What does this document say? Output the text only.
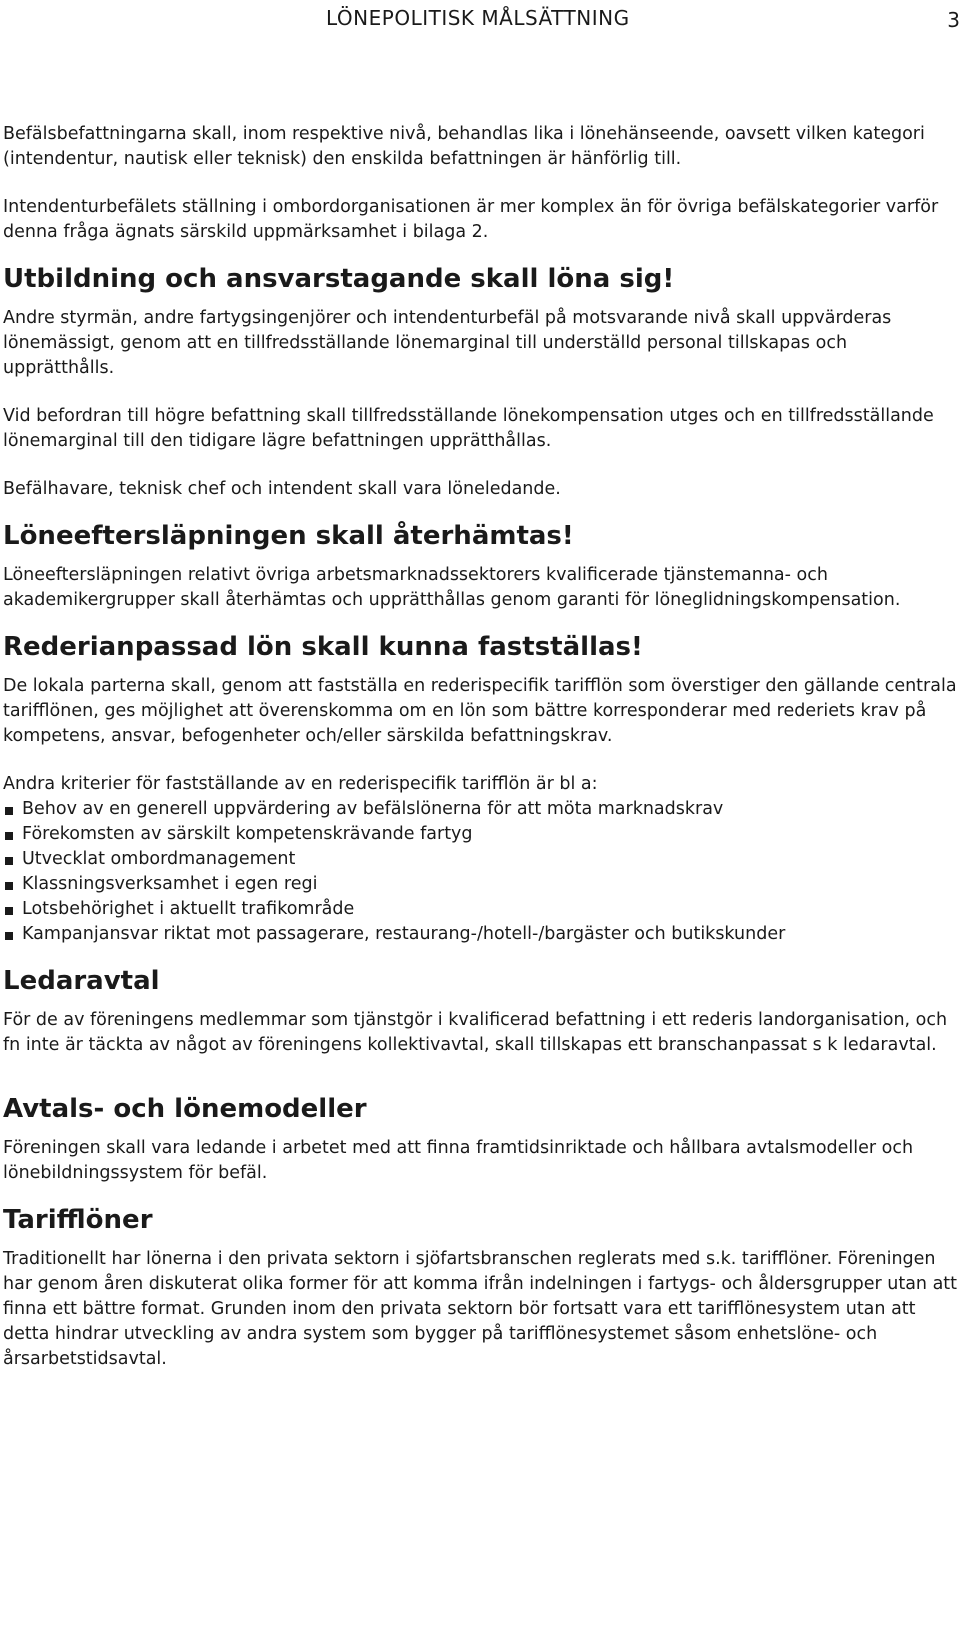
LÖNEPOLITISK MÅLSÄTTNING	3

Befälsbefattningarna skall, inom respektive nivå, behandlas lika i lönehänseende, oavsett vilken kategori (intendentur, nautisk eller teknisk) den enskilda befattningen är hänförlig till.

Intendenturbefälets ställning i ombordorganisationen är mer komplex än för övriga befälskategorier varför denna fråga ägnats särskild uppmärksamhet i bilaga 2.

Utbildning och ansvarstagande skall löna sig!

Andre styrmän, andre fartygsingenjörer och intendenturbefäl på motsvarande nivå skall uppvärderas lönemässigt, genom att en tillfredsställande lönemarginal till underställd personal tillskapas och upprätthålls.

Vid befordran till högre befattning skall tillfredsställande lönekompensation utges och en tillfredsställande lönemarginal till den tidigare lägre befattningen upprätthållas.

Befälhavare, teknisk chef och intendent skall vara löneledande.

Löneeftersläpningen skall återhämtas!

Löneeftersläpningen relativt övriga arbetsmarknadssektorers kvalificerade tjänstemanna- och akademikergrupper skall återhämtas och upprätthållas genom garanti för löneglidningskompensation.

Rederianpassad lön skall kunna fastställas!

De lokala parterna skall, genom att fastställa en rederispecifik tarifflön som överstiger den gällande centrala tarifflönen, ges möjlighet att överenskomma om en lön som bättre korresponderar med rederiets krav på kompetens, ansvar, befogenheter och/eller särskilda befattningskrav.

Andra kriterier för fastställande av en rederispecifik tarifflön är bl a:

Behov av en generell uppvärdering av befälslönerna för att möta marknadskrav
Förekomsten av särskilt kompetenskrävande fartyg
Utvecklat ombordmanagement
Klassningsverksamhet i egen regi
Lotsbehörighet i aktuellt trafikområde
Kampanjansvar riktat mot passagerare, restaurang-/hotell-/bargäster och butikskunder
Ledaravtal

För de av föreningens medlemmar som tjänstgör i kvalificerad befattning i ett rederis landorganisation, och fn inte är täckta av något av föreningens kollektivavtal, skall tillskapas ett branschanpassat s k ledaravtal.

Avtals- och lönemodeller

Föreningen skall vara ledande i arbetet med att finna framtidsinriktade och hållbara avtalsmodeller och lönebildningssystem för befäl.

Tarifflöner

Traditionellt har lönerna i den privata sektorn i sjöfartsbranschen reglerats med s.k. tarifflöner. Föreningen har genom åren diskuterat olika former för att komma ifrån indelningen i fartygs- och åldersgrupper utan att finna ett bättre format. Grunden inom den privata sektorn bör fortsatt vara ett tarifflönesystem utan att detta hindrar utveckling av andra system som bygger på tarifflönesystemet såsom enhetslöne- och årsarbetstidsavtal.
